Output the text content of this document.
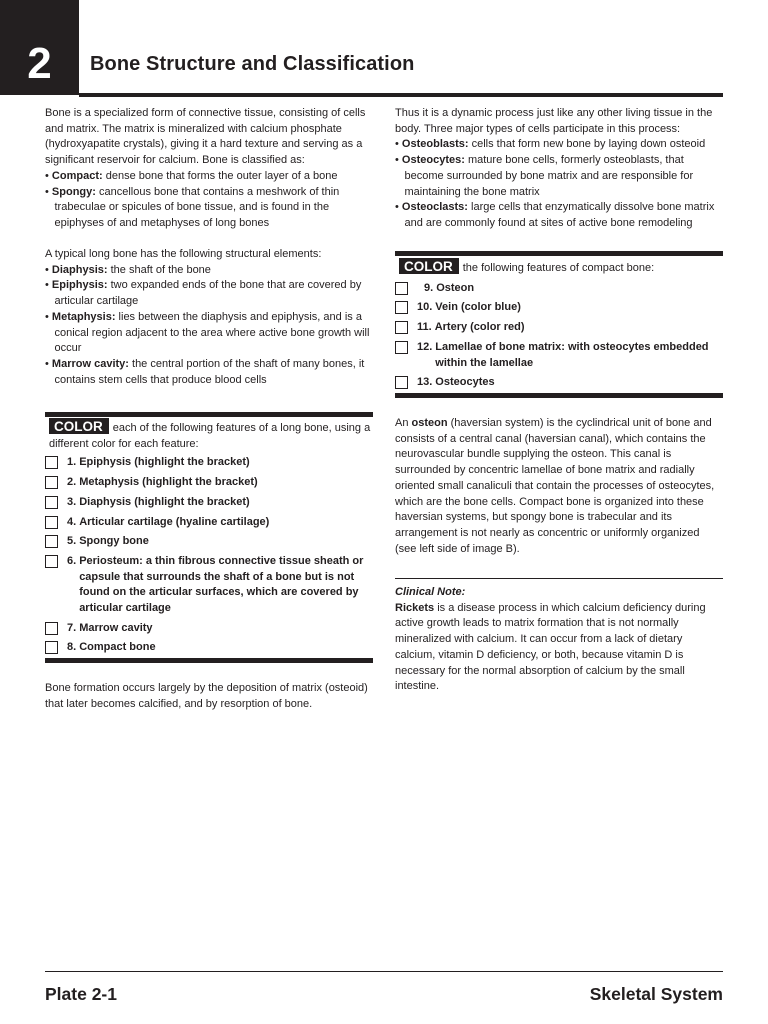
2	Bone Structure and Classification

Bone is a specialized form of connective tissue, consisting of cells and matrix. The matrix is mineralized with calcium phosphate (hydroxyapatite crystals), giving it a hard texture and serving as a significant reservoir for calcium. Bone is classified as:

• Compact: dense bone that forms the outer layer of a bone

• Spongy: cancellous bone that contains a meshwork of thin trabeculae or spicules of bone tissue, and is found in the epiphyses of and metaphyses of long bones

A typical long bone has the following structural elements:

• Diaphysis: the shaft of the bone

• Epiphysis: two expanded ends of the bone that are covered by articular cartilage

• Metaphysis: lies between the diaphysis and epiphysis, and is a conical region adjacent to the area where active bone growth will occur

• Marrow cavity: the central portion of the shaft of many bones, it contains stem cells that produce blood cells

COLOR each of the following features of a long bone, using a different color for each feature:

1. Epiphysis (highlight the bracket)
2. Metaphysis (highlight the bracket)
3. Diaphysis (highlight the bracket)
4. Articular cartilage (hyaline cartilage)
5. Spongy bone
6. Periosteum: a thin fibrous connective tissue sheath or capsule that surrounds the shaft of a bone but is not found on the articular surfaces, which are covered by articular cartilage
7. Marrow cavity
8. Compact bone

Bone formation occurs largely by the deposition of matrix (osteoid) that later becomes calcified, and by resorption of bone.

Thus it is a dynamic process just like any other living tissue in the body. Three major types of cells participate in this process:

• Osteoblasts: cells that form new bone by laying down osteoid

• Osteocytes: mature bone cells, formerly osteoblasts, that become surrounded by bone matrix and are responsible for maintaining the bone matrix

• Osteoclasts: large cells that enzymatically dissolve bone matrix and are commonly found at sites of active bone remodeling

COLOR the following features of compact bone:

9. Osteon
10. Vein (color blue)
11. Artery (color red)
12. Lamellae of bone matrix: with osteocytes embedded within the lamellae
13. Osteocytes

An osteon (haversian system) is the cyclindrical unit of bone and consists of a central canal (haversian canal), which contains the neurovascular bundle supplying the osteon. This canal is surrounded by concentric lamellae of bone matrix and radially oriented small canaliculi that contain the processes of osteocytes, which are the bone cells. Compact bone is organized into these haversian systems, but spongy bone is trabecular and its arrangement is not nearly as concentric or uniformly organized (see left side of image B).

Clinical Note:

Rickets is a disease process in which calcium deficiency during active growth leads to matrix formation that is not normally mineralized with calcium. It can occur from a lack of dietary calcium, vitamin D deficiency, or both, because vitamin D is necessary for the normal absorption of calcium by the small intestine.

Plate 2-1	Skeletal System
